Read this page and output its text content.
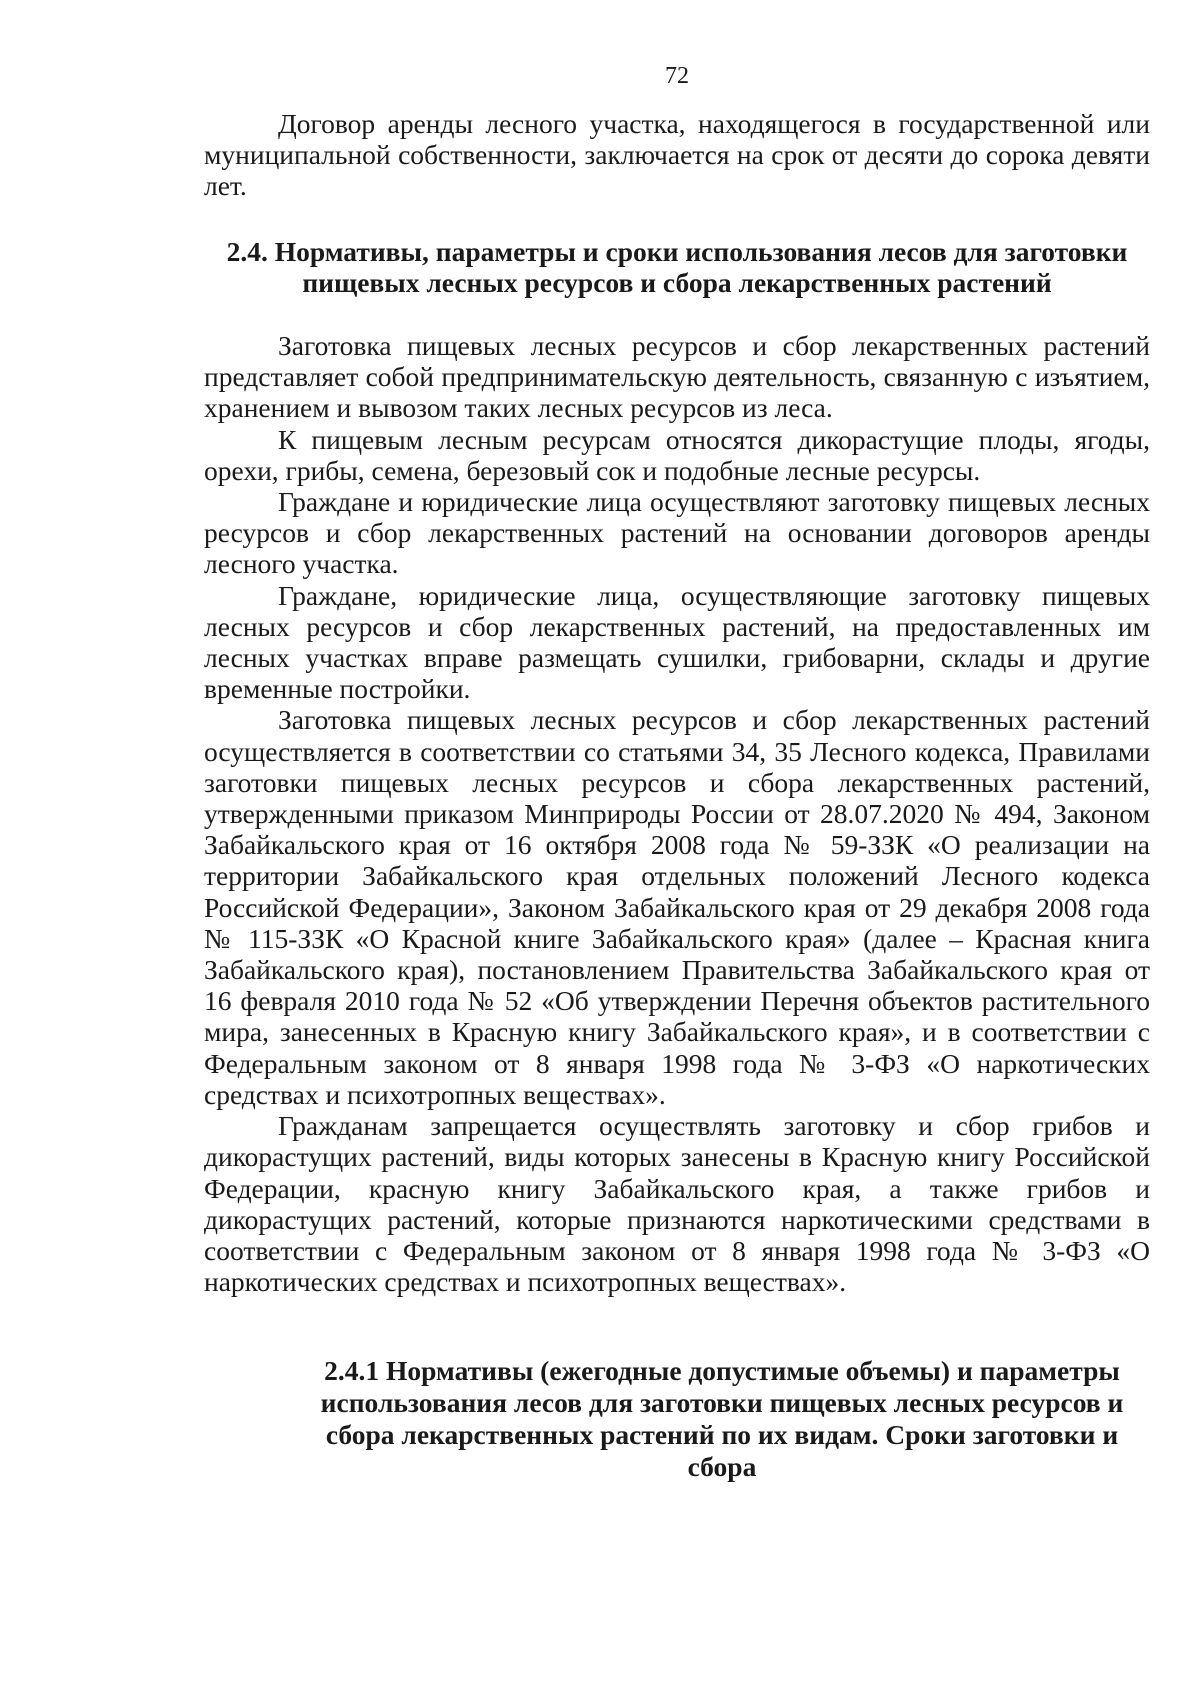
72

Договор аренды лесного участка, находящегося в государственной или муниципальной собственности, заключается на срок от десяти до сорока девяти лет.

2.4. Нормативы, параметры и сроки использования лесов для заготовки пищевых лесных ресурсов и сбора лекарственных растений

Заготовка пищевых лесных ресурсов и сбор лекарственных растений представляет собой предпринимательскую деятельность, связанную с изъятием, хранением и вывозом таких лесных ресурсов из леса.

К пищевым лесным ресурсам относятся дикорастущие плоды, ягоды, орехи, грибы, семена, березовый сок и подобные лесные ресурсы.

Граждане и юридические лица осуществляют заготовку пищевых лесных ресурсов и сбор лекарственных растений на основании договоров аренды лесного участка.

Граждане, юридические лица, осуществляющие заготовку пищевых лесных ресурсов и сбор лекарственных растений, на предоставленных им лесных участках вправе размещать сушилки, грибоварни, склады и другие временные постройки.

Заготовка пищевых лесных ресурсов и сбор лекарственных растений осуществляется в соответствии со статьями 34, 35 Лесного кодекса, Правилами заготовки пищевых лесных ресурсов и сбора лекарственных растений, утвержденными приказом Минприроды России от 28.07.2020 № 494, Законом Забайкальского края от 16 октября 2008 года № 59-ЗЗК «О реализации на территории Забайкальского края отдельных положений Лесного кодекса Российской Федерации», Законом Забайкальского края от 29 декабря 2008 года № 115-ЗЗК «О Красной книге Забайкальского края» (далее – Красная книга Забайкальского края), постановлением Правительства Забайкальского края от 16 февраля 2010 года № 52 «Об утверждении Перечня объектов растительного мира, занесенных в Красную книгу Забайкальского края», и в соответствии с Федеральным законом от 8 января 1998 года № 3-ФЗ «О наркотических средствах и психотропных веществах».

Гражданам запрещается осуществлять заготовку и сбор грибов и дикорастущих растений, виды которых занесены в Красную книгу Российской Федерации, красную книгу Забайкальского края, а также грибов и дикорастущих растений, которые признаются наркотическими средствами в соответствии с Федеральным законом от 8 января 1998 года № 3-ФЗ «О наркотических средствах и психотропных веществах».

2.4.1 Нормативы (ежегодные допустимые объемы) и параметры использования лесов для заготовки пищевых лесных ресурсов и сбора лекарственных растений по их видам. Сроки заготовки и сбора
